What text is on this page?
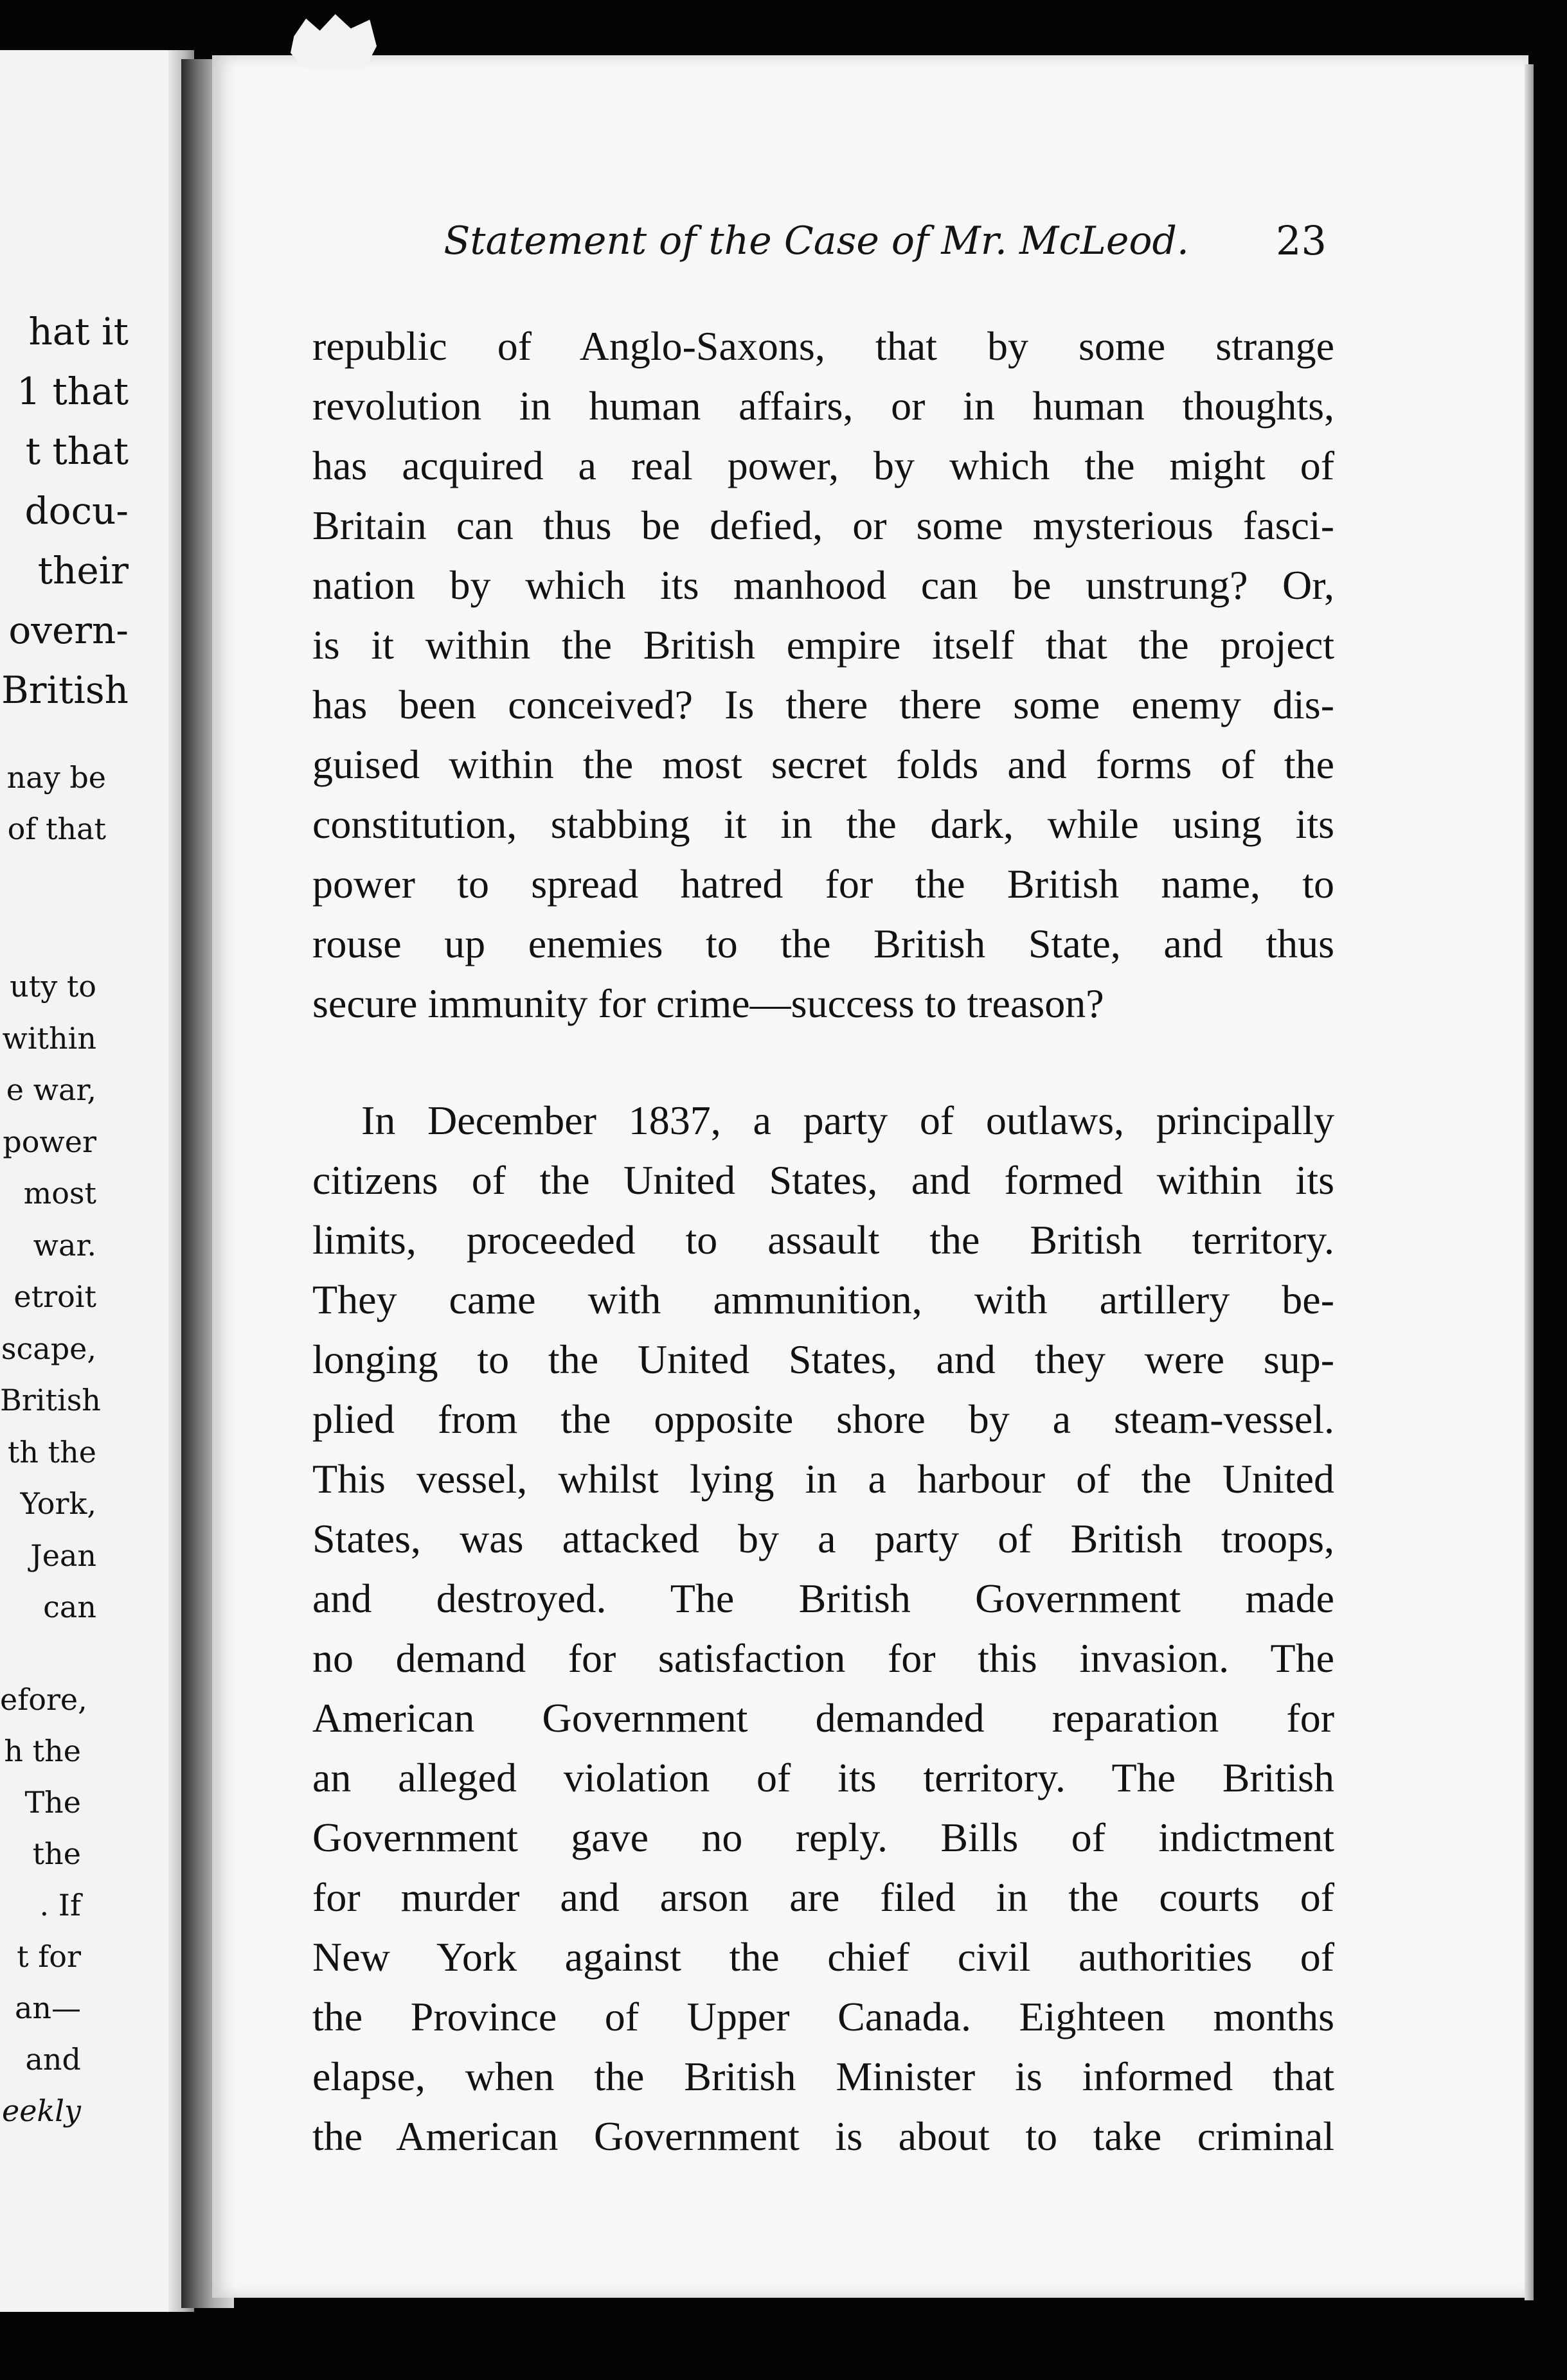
hat it
1 that
t that
docu-
their
overn-
British
nay be
of that
uty to
within
e war,
power
most
war.
etroit
scape,
British
th the
York,
Jean
can
efore,
h the
The
the
. If
t for
an—
and
eekly
Statement of the Case of Mr. McLeod. 23
republic of Anglo-Saxons, that by some strange
revolution in human affairs, or in human thoughts,
has acquired a real power, by which the might of
Britain can thus be defied, or some mysterious fasci-
nation by which its manhood can be unstrung? Or,
is it within the British empire itself that the project
has been conceived? Is there there some enemy dis-
guised within the most secret folds and forms of the
constitution, stabbing it in the dark, while using its
power to spread hatred for the British name, to
rouse up enemies to the British State, and thus
secure immunity for crime—success to treason?
In December 1837, a party of outlaws, principally
citizens of the United States, and formed within its
limits, proceeded to assault the British territory.
They came with ammunition, with artillery be-
longing to the United States, and they were sup-
plied from the opposite shore by a steam-vessel.
This vessel, whilst lying in a harbour of the United
States, was attacked by a party of British troops,
and destroyed. The British Government made
no demand for satisfaction for this invasion. The
American Government demanded reparation for
an alleged violation of its territory. The British
Government gave no reply. Bills of indictment
for murder and arson are filed in the courts of
New York against the chief civil authorities of
the Province of Upper Canada. Eighteen months
elapse, when the British Minister is informed that
the American Government is about to take criminal
